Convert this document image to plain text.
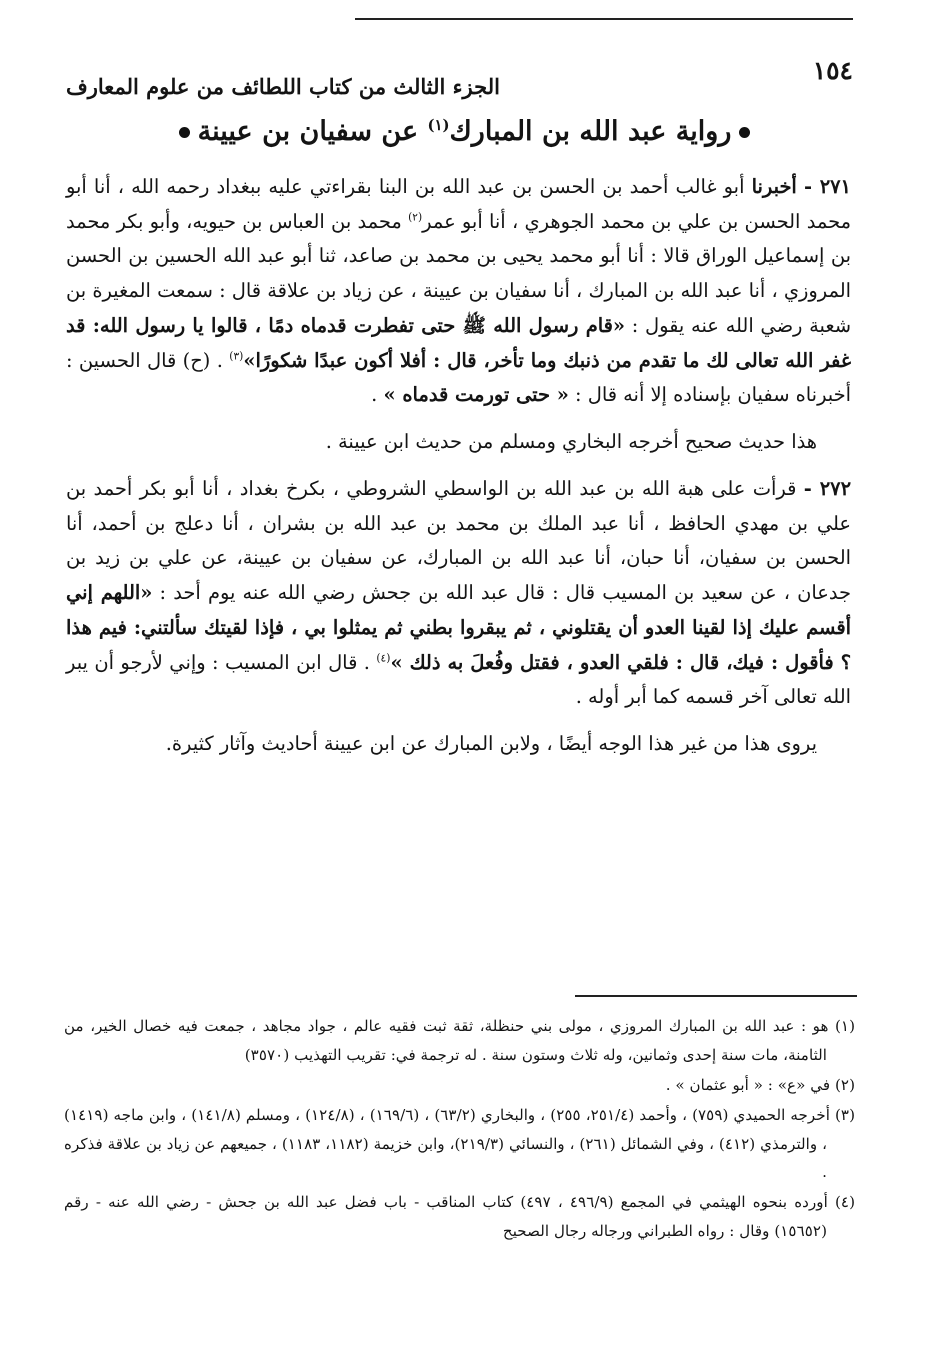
١٥٤
الجزء الثالث من كتاب اللطائف من علوم المعارف
رواية عبد الله بن المبارك$^{(١)}$ عن سفيان بن عيينة

٢٧١ - أخبرنا أبو غالب أحمد بن الحسن بن عبد الله بن البنا بقراءتي عليه ببغداد رحمه الله ، أنا أبو محمد الحسن بن علي بن محمد الجوهري ، أنا أبو عمر$^{(٢)}$ محمد بن العباس بن حيويه، وأبو بكر محمد بن إسماعيل الوراق قالا : أنا أبو محمد يحيى بن محمد بن صاعد، ثنا أبو عبد الله الحسين بن الحسن المروزي ، أنا عبد الله بن المبارك ، أنا سفيان بن عيينة ، عن زياد بن علاقة قال : سمعت المغيرة بن شعبة رضي الله عنه يقول : «قام رسول الله ﷺ حتى تفطرت قدماه دمًا ، قالوا يا رسول الله: قد غفر الله تعالى لك ما تقدم من ذنبك وما تأخر، قال : أفلا أكون عبدًا شكورًا»$^{(٣)}$ . (ح) قال الحسين : أخبرناه سفيان بإسناده إلا أنه قال : « حتى تورمت قدماه » .

هذا حديث صحيح أخرجه البخاري ومسلم من حديث ابن عيينة .

٢٧٢ - قرأت على هبة الله بن عبد الله بن الواسطي الشروطي ، بكرخ بغداد ، أنا أبو بكر أحمد بن علي بن مهدي الحافظ ، أنا عبد الملك بن محمد بن عبد الله بن بشران ، أنا دعلج بن أحمد، أنا الحسن بن سفيان، أنا حبان، أنا عبد الله بن المبارك، عن سفيان بن عيينة، عن علي بن زيد بن جدعان ، عن سعيد بن المسيب قال : قال عبد الله بن جحش رضي الله عنه يوم أحد : «اللهم إني أقسم عليك إذا لقينا العدو أن يقتلوني ، ثم يبقروا بطني ثم يمثلوا بي ، فإذا لقيتك سألتني: فيم هذا ؟ فأقول : فيك، قال : فلقي العدو ، فقتل وفُعلَ به ذلك »$^{(٤)}$ . قال ابن المسيب : وإني لأرجو أن يبر الله تعالى آخر قسمه كما أبر أوله .

يروى هذا من غير هذا الوجه أيضًا ، ولابن المبارك عن ابن عيينة أحاديث وآثار كثيرة.

(١) هو : عبد الله بن المبارك المروزي ، مولى بني حنظلة، ثقة ثبت فقيه عالم ، جواد مجاهد ، جمعت فيه خصال الخير، من الثامنة، مات سنة إحدى وثمانين، وله ثلاث وستون سنة . له ترجمة في: تقريب التهذيب (٣٥٧٠)

(٢) في «ع» : « أبو عثمان » .

(٣) أخرجه الحميدي (٧٥٩) ، وأحمد (٢٥١/٤، ٢٥٥) ، والبخاري (٦٣/٢) ، (١٦٩/٦) ، (١٢٤/٨) ، ومسلم (١٤١/٨) ، وابن ماجه (١٤١٩) ، والترمذي (٤١٢) ، وفي الشمائل (٢٦١) ، والنسائي (٢١٩/٣)، وابن خزيمة (١١٨٢، ١١٨٣) ، جميعهم عن زياد بن علاقة فذكره .

(٤) أورده بنحوه الهيثمي في المجمع (٤٩٦/٩ ، ٤٩٧) كتاب المناقب - باب فضل عبد الله بن جحش - رضي الله عنه - رقم (١٥٦٥٢) وقال : رواه الطبراني ورجاله رجال الصحيح
